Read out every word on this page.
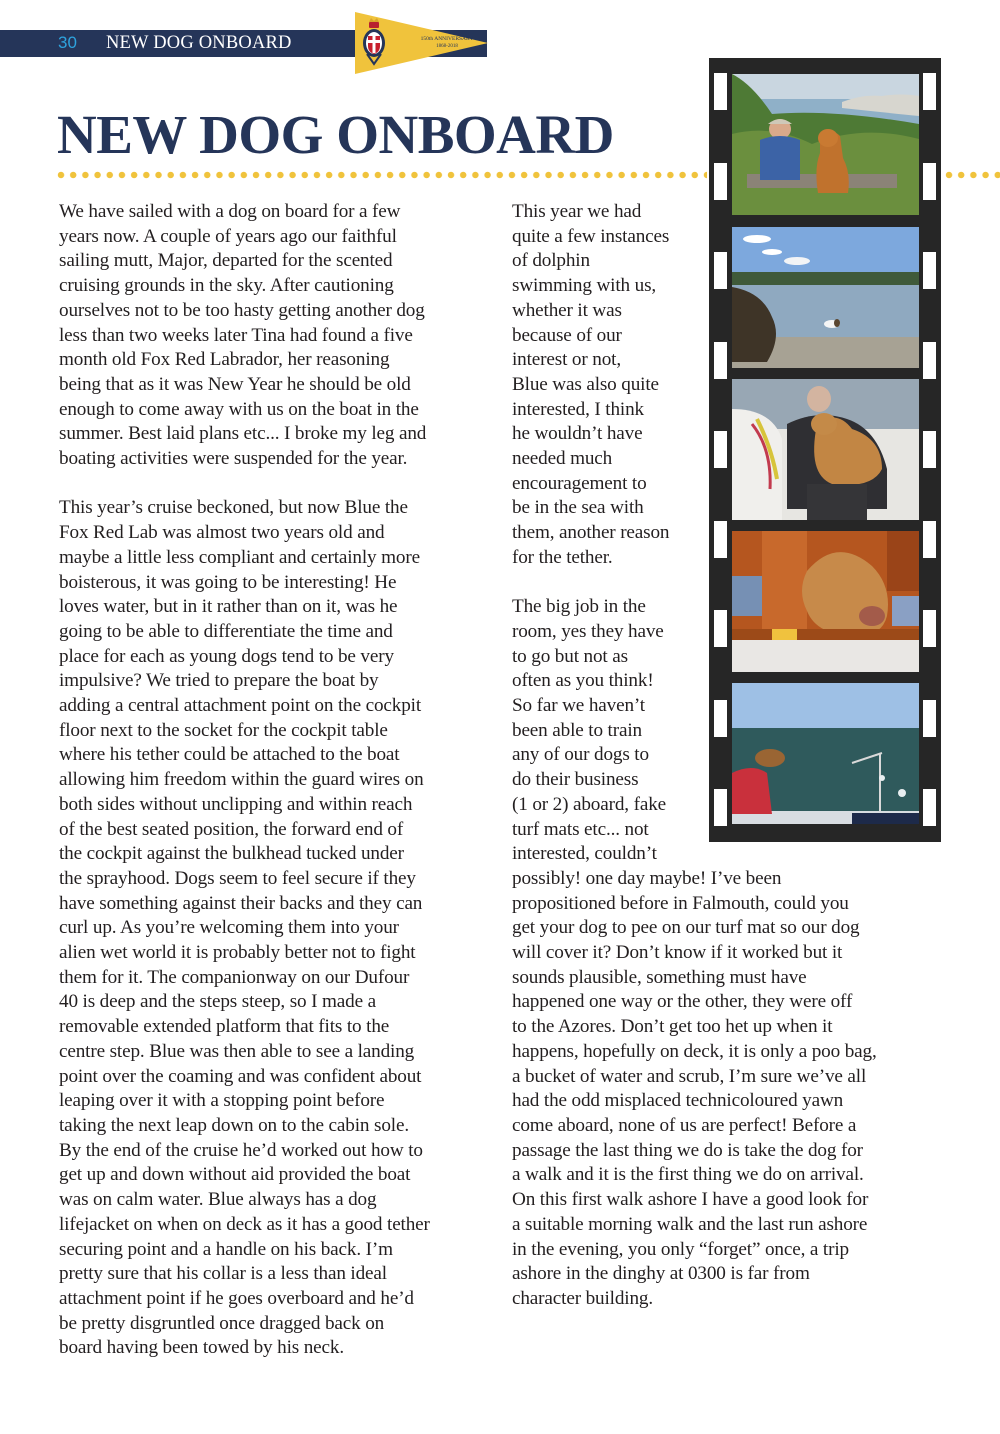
30 NEW DOG ONBOARD	150th ANNIVERSARY
1868-2018
NEW DOG ONBOARD

We have sailed with a dog on board for a few
years now. A couple of years ago our faithful
sailing mutt, Major, departed for the scented
cruising grounds in the sky. After cautioning
ourselves not to be too hasty getting another dog
less than two weeks later Tina had found a five
month old Fox Red Labrador, her reasoning
being that as it was New Year he should be old
enough to come away with us on the boat in the
summer. Best laid plans etc... I broke my leg and
boating activities were suspended for the year.

This year’s cruise beckoned, but now Blue the
Fox Red Lab was almost two years old and
maybe a little less compliant and certainly more
boisterous, it was going to be interesting! He
loves water, but in it rather than on it, was he
going to be able to differentiate the time and
place for each as young dogs tend to be very
impulsive? We tried to prepare the boat by
adding a central attachment point on the cockpit
floor next to the socket for the cockpit table
where his tether could be attached to the boat
allowing him freedom within the guard wires on
both sides without unclipping and within reach
of the best seated position, the forward end of
the cockpit against the bulkhead tucked under
the sprayhood. Dogs seem to feel secure if they
have something against their backs and they can
curl up. As you’re welcoming them into your
alien wet world it is probably better not to fight
them for it. The companionway on our Dufour
40 is deep and the steps steep, so I made a
removable extended platform that fits to the
centre step. Blue was then able to see a landing
point over the coaming and was confident about
leaping over it with a stopping point before
taking the next leap down on to the cabin sole.
By the end of the cruise he’d worked out how to
get up and down without aid provided the boat
was on calm water. Blue always has a dog
lifejacket on when on deck as it has a good tether
securing point and a handle on his back. I’m
pretty sure that his collar is a less than ideal
attachment point if he goes overboard and he’d
be pretty disgruntled once dragged back on
board having been towed by his neck.

This year we had
quite a few instances
of dolphin
swimming with us,
whether it was
because of our
interest or not,
Blue was also quite
interested, I think
he wouldn’t have
needed much
encouragement to
be in the sea with
them, another reason
for the tether.

The big job in the
room, yes they have
to go but not as
often as you think!
So far we haven’t
been able to train
any of our dogs to
do their business
(1 or 2) aboard, fake
turf mats etc... not
interested, couldn’t
possibly! one day maybe! I’ve been
propositioned before in Falmouth, could you
get your dog to pee on our turf mat so our dog
will cover it? Don’t know if it worked but it
sounds plausible, something must have
happened one way or the other, they were off
to the Azores. Don’t get too het up when it
happens, hopefully on deck, it is only a poo bag,
a bucket of water and scrub, I’m sure we’ve all
had the odd misplaced technicoloured yawn
come aboard, none of us are perfect! Before a
passage the last thing we do is take the dog for
a walk and it is the first thing we do on arrival.
On this first walk ashore I have a good look for
a suitable morning walk and the last run ashore
in the evening, you only “forget” once, a trip
ashore in the dinghy at 0300 is far from
character building.
